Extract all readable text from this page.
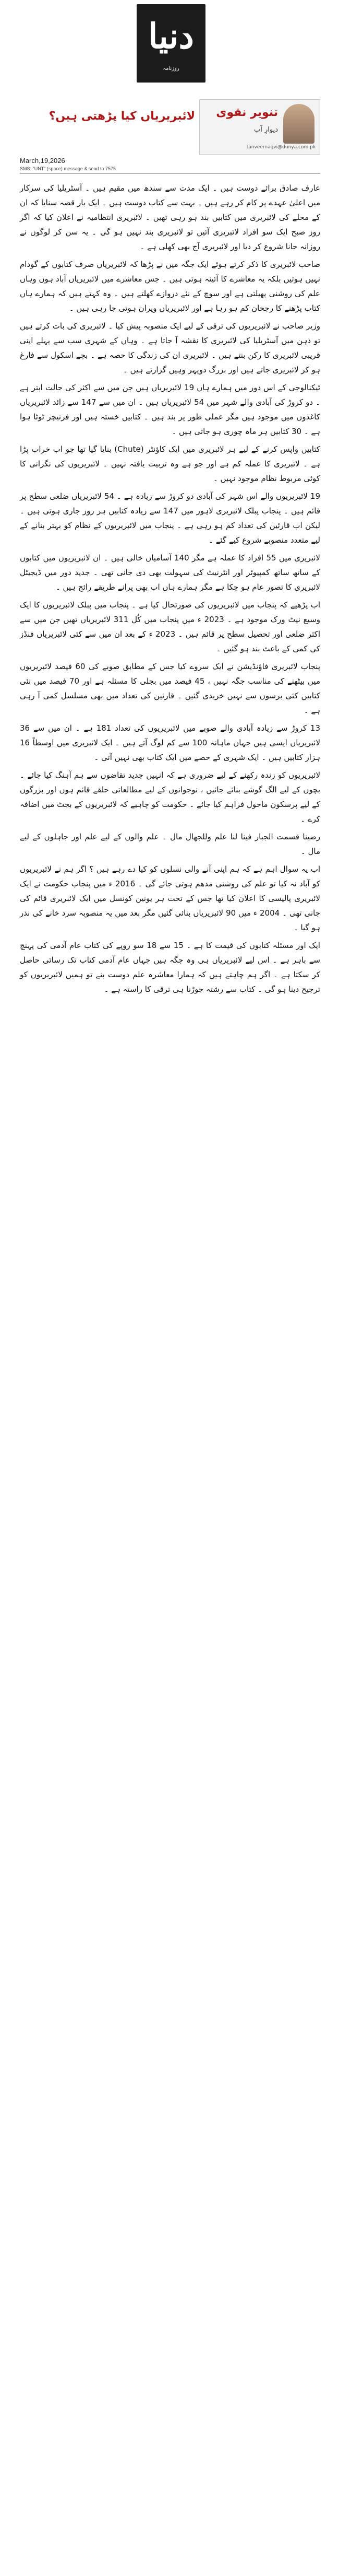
دنیا
روزنامہ
لائبریریاں کیا پڑھتی ہیں؟ تنویر نقوی
دیوارِ آب
tanveernaqvi@dunya.com.pk
March,19,2026
SMS: "UNT" (space) message & send to 7575

عارف صادق برائے دوست ہیں ۔ ایک مدت سے سندھ میں مقیم ہیں ۔ آسٹریلیا کی سرکار میں اعلیٰ عہدے پر کام کر رہے ہیں ۔ بہت سے کتاب دوست ہیں ۔ ایک بار قصہ سنایا کہ ان کے محلے کی لائبریری میں کتابیں بند ہو رہی تھیں ۔ لائبریری انتظامیہ نے اعلان کیا کہ اگر روز صبح ایک سو افراد لائبریری آئیں تو لائبریری بند نہیں ہو گی ۔ یہ سن کر لوگوں نے روزانہ جانا شروع کر دیا اور لائبریری آج بھی کھلی ہے ۔

صاحب لائبریری کا ذکر کرتے ہوئے ایک جگہ میں نے پڑھا کہ لائبریریاں صرف کتابوں کے گودام نہیں ہوتیں بلکہ یہ معاشرے کا آئینہ ہوتی ہیں ۔ جس معاشرے میں لائبریریاں آباد ہوں وہاں علم کی روشنی پھیلتی ہے اور سوچ کے نئے دروازے کھلتے ہیں ۔ وہ کہتے ہیں کہ ہمارے ہاں کتاب پڑھنے کا رجحان کم ہو رہا ہے اور لائبریریاں ویران ہوتی جا رہی ہیں ۔

وزیر صاحب نے لائبریریوں کی ترقی کے لیے ایک منصوبہ پیش کیا ۔ لائبریری کی بات کرتے ہیں تو ذہن میں آسٹریلیا کی لائبریری کا نقشہ آ جاتا ہے ۔ وہاں کے شہری سب سے پہلے اپنی قریبی لائبریری کا رکن بنتے ہیں ۔ لائبریری ان کی زندگی کا حصہ ہے ۔ بچے اسکول سے فارغ ہو کر لائبریری جاتے ہیں اور بزرگ دوپہر وہیں گزارتے ہیں ۔

ٹیکنالوجی کے اس دور میں ہمارے ہاں 19 لائبریریاں ہیں جن میں سے اکثر کی حالت ابتر ہے ۔ دو کروڑ کی آبادی والے شہر میں 54 لائبریریاں ہیں ۔ ان میں سے 147 سے زائد لائبریریاں کاغذوں میں موجود ہیں مگر عملی طور پر بند ہیں ۔ کتابیں خستہ ہیں اور فرنیچر ٹوٹا ہوا ہے ۔ 30 کتابیں ہر ماہ چوری ہو جاتی ہیں ۔

کتابیں واپس کرنے کے لیے ہر لائبریری میں ایک کاؤنٹر (Chute) بنایا گیا تھا جو اب خراب پڑا ہے ۔ لائبریری کا عملہ کم ہے اور جو ہے وہ تربیت یافتہ نہیں ۔ لائبریریوں کی نگرانی کا کوئی مربوط نظام موجود نہیں ۔

19 لائبریریوں والے اس شہر کی آبادی دو کروڑ سے زیادہ ہے ۔ 54 لائبریریاں ضلعی سطح پر قائم ہیں ۔ پنجاب پبلک لائبریری لاہور میں 147 سے زیادہ کتابیں ہر روز جاری ہوتی ہیں ۔ لیکن اب قارئین کی تعداد کم ہو رہی ہے ۔ پنجاب میں لائبریریوں کے نظام کو بہتر بنانے کے لیے متعدد منصوبے شروع کیے گئے ۔

لائبریری میں 55 افراد کا عملہ ہے مگر 140 آسامیاں خالی ہیں ۔ ان لائبریریوں میں کتابوں کے ساتھ ساتھ کمپیوٹر اور انٹرنیٹ کی سہولت بھی دی جانی تھی ۔ جدید دور میں ڈیجیٹل لائبریری کا تصور عام ہو چکا ہے مگر ہمارے ہاں اب بھی پرانے طریقے رائج ہیں ۔

اب پڑھیے کہ پنجاب میں لائبریریوں کی صورتحال کیا ہے ۔ پنجاب میں پبلک لائبریریوں کا ایک وسیع نیٹ ورک موجود ہے ۔ 2023 ء میں پنجاب میں کُل 311 لائبریریاں تھیں جن میں سے اکثر ضلعی اور تحصیل سطح پر قائم ہیں ۔ 2023 ء کے بعد ان میں سے کئی لائبریریاں فنڈز کی کمی کے باعث بند ہو گئیں ۔

پنجاب لائبریری فاؤنڈیشن نے ایک سروے کیا جس کے مطابق صوبے کی 60 فیصد لائبریریوں میں بیٹھنے کی مناسب جگہ نہیں ، 45 فیصد میں بجلی کا مسئلہ ہے اور 70 فیصد میں نئی کتابیں کئی برسوں سے نہیں خریدی گئیں ۔ قارئین کی تعداد میں بھی مسلسل کمی آ رہی ہے ۔

13 کروڑ سے زیادہ آبادی والے صوبے میں لائبریریوں کی تعداد 181 ہے ۔ ان میں سے 36 لائبریریاں ایسی ہیں جہاں ماہانہ 100 سے کم لوگ آتے ہیں ۔ ایک لائبریری میں اوسطاً 16 ہزار کتابیں ہیں ۔ ایک شہری کے حصے میں ایک کتاب بھی نہیں آتی ۔

لائبریریوں کو زندہ رکھنے کے لیے ضروری ہے کہ انہیں جدید تقاضوں سے ہم آہنگ کیا جائے ۔ بچوں کے لیے الگ گوشے بنائے جائیں ، نوجوانوں کے لیے مطالعاتی حلقے قائم ہوں اور بزرگوں کے لیے پرسکون ماحول فراہم کیا جائے ۔ حکومت کو چاہیے کہ لائبریریوں کے بجٹ میں اضافہ کرے ۔

رضینا قسمت الجبار فینا لنا علم وللجھال مال ۔ علم والوں کے لیے علم اور جاہلوں کے لیے مال ۔

اب یہ سوال اہم ہے کہ ہم اپنی آنے والی نسلوں کو کیا دے رہے ہیں ؟ اگر ہم نے لائبریریوں کو آباد نہ کیا تو علم کی روشنی مدھم ہوتی جائے گی ۔ 2016 ء میں پنجاب حکومت نے ایک لائبریری پالیسی کا اعلان کیا تھا جس کے تحت ہر یونین کونسل میں ایک لائبریری قائم کی جانی تھی ۔ 2004 ء میں 90 لائبریریاں بنائی گئیں مگر بعد میں یہ منصوبہ سرد خانے کی نذر ہو گیا ۔

ایک اور مسئلہ کتابوں کی قیمت کا ہے ۔ 15 سے 18 سو روپے کی کتاب عام آدمی کی پہنچ سے باہر ہے ۔ اس لیے لائبریریاں ہی وہ جگہ ہیں جہاں عام آدمی کتاب تک رسائی حاصل کر سکتا ہے ۔ اگر ہم چاہتے ہیں کہ ہمارا معاشرہ علم دوست بنے تو ہمیں لائبریریوں کو ترجیح دینا ہو گی ۔ کتاب سے رشتہ جوڑنا ہی ترقی کا راستہ ہے ۔
